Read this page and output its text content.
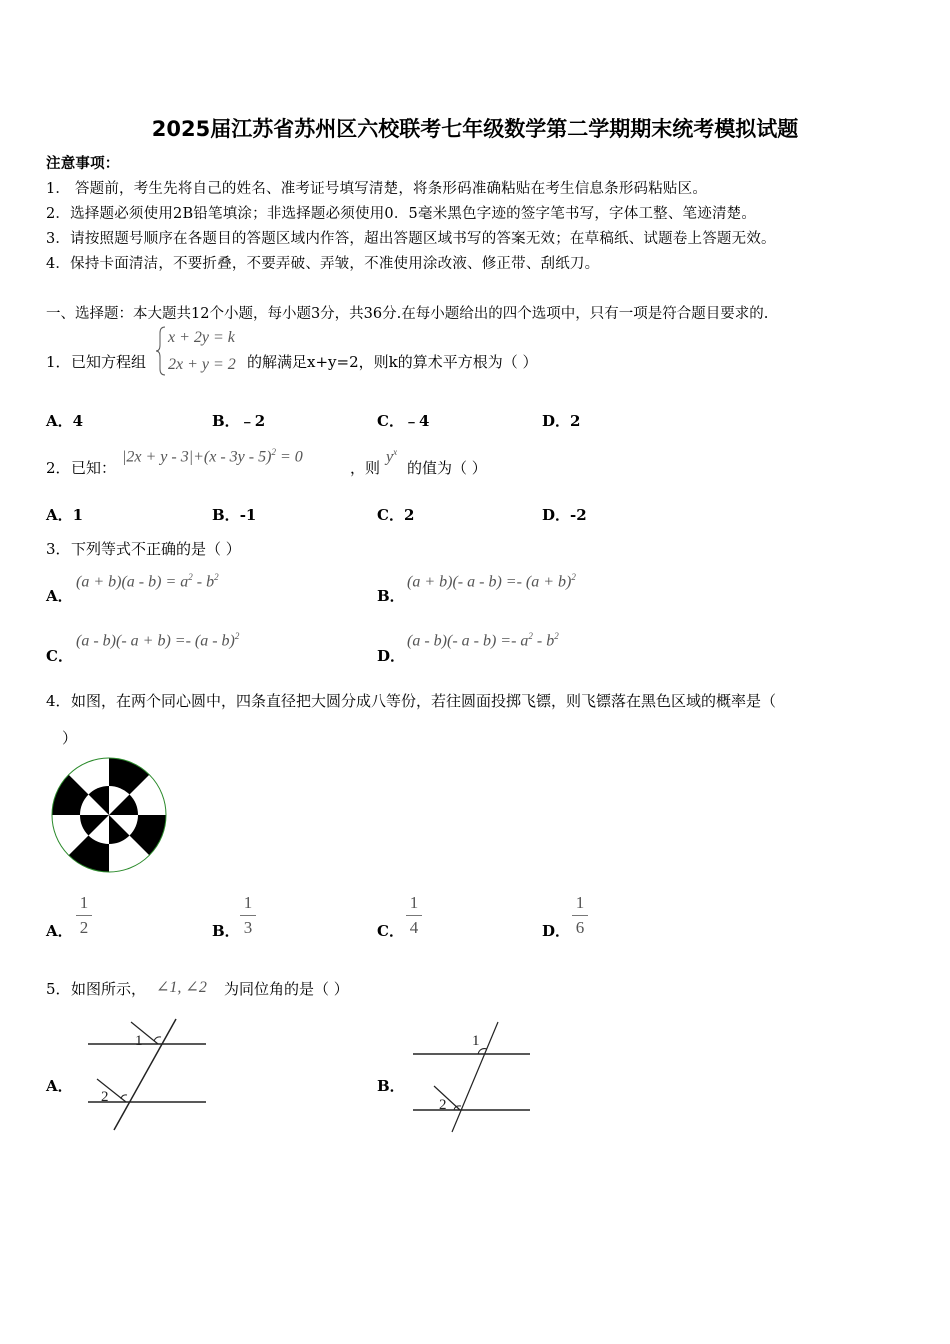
2025届江苏省苏州区六校联考七年级数学第二学期期末统考模拟试题
注意事项：
1． 答题前，考生先将自己的姓名、准考证号填写清楚，将条形码准确粘贴在考生信息条形码粘贴区。
2．选择题必须使用2B铅笔填涂；非选择题必须使用0．5毫米黑色字迹的签字笔书写，字体工整、笔迹清楚。
3．请按照题号顺序在各题目的答题区域内作答，超出答题区域书写的答案无效；在草稿纸、试题卷上答题无效。
4．保持卡面清洁，不要折叠，不要弄破、弄皱，不准使用涂改液、修正带、刮纸刀。
一、选择题：本大题共12个小题，每小题3分，共36分.在每小题给出的四个选项中，只有一项是符合题目要求的.
1． 已知方程组
x + 2y = k
2x + y = 2 的解满足x+y=2，则k的算术平方根为（ ）
A．4	B．﹣2	C．﹣4	D．2
2． 已知：
|2x + y - 3|+(x - 3y - 5)$^2$ = 0
，则
$y^x$
的值为（ ）
A．1	B．-1	C．2	D．-2
3． 下列等式不正确的是（ ）
A．
$(a + b)(a - b) = a^2 - b^2$
B．
(a + b)(- $a - b) =- (a + b)^2$
C．
(a - b)(- a + b) =- (a - b)$^2$
D．
(a - b)(- $a - b) =- a^2 - b^2$
4． 如图，在两个同心圆中，四条直径把大圆分成八等份，若往圆面投掷飞镖，则飞镖落在黑色区域的概率是（
）
A．
1
2	B．
1
3	C．
1
4	D．
1
6
5． 如图所示， ∠1, ∠2 为同位角的是（ ）
A．
1
2
B．
1
2
